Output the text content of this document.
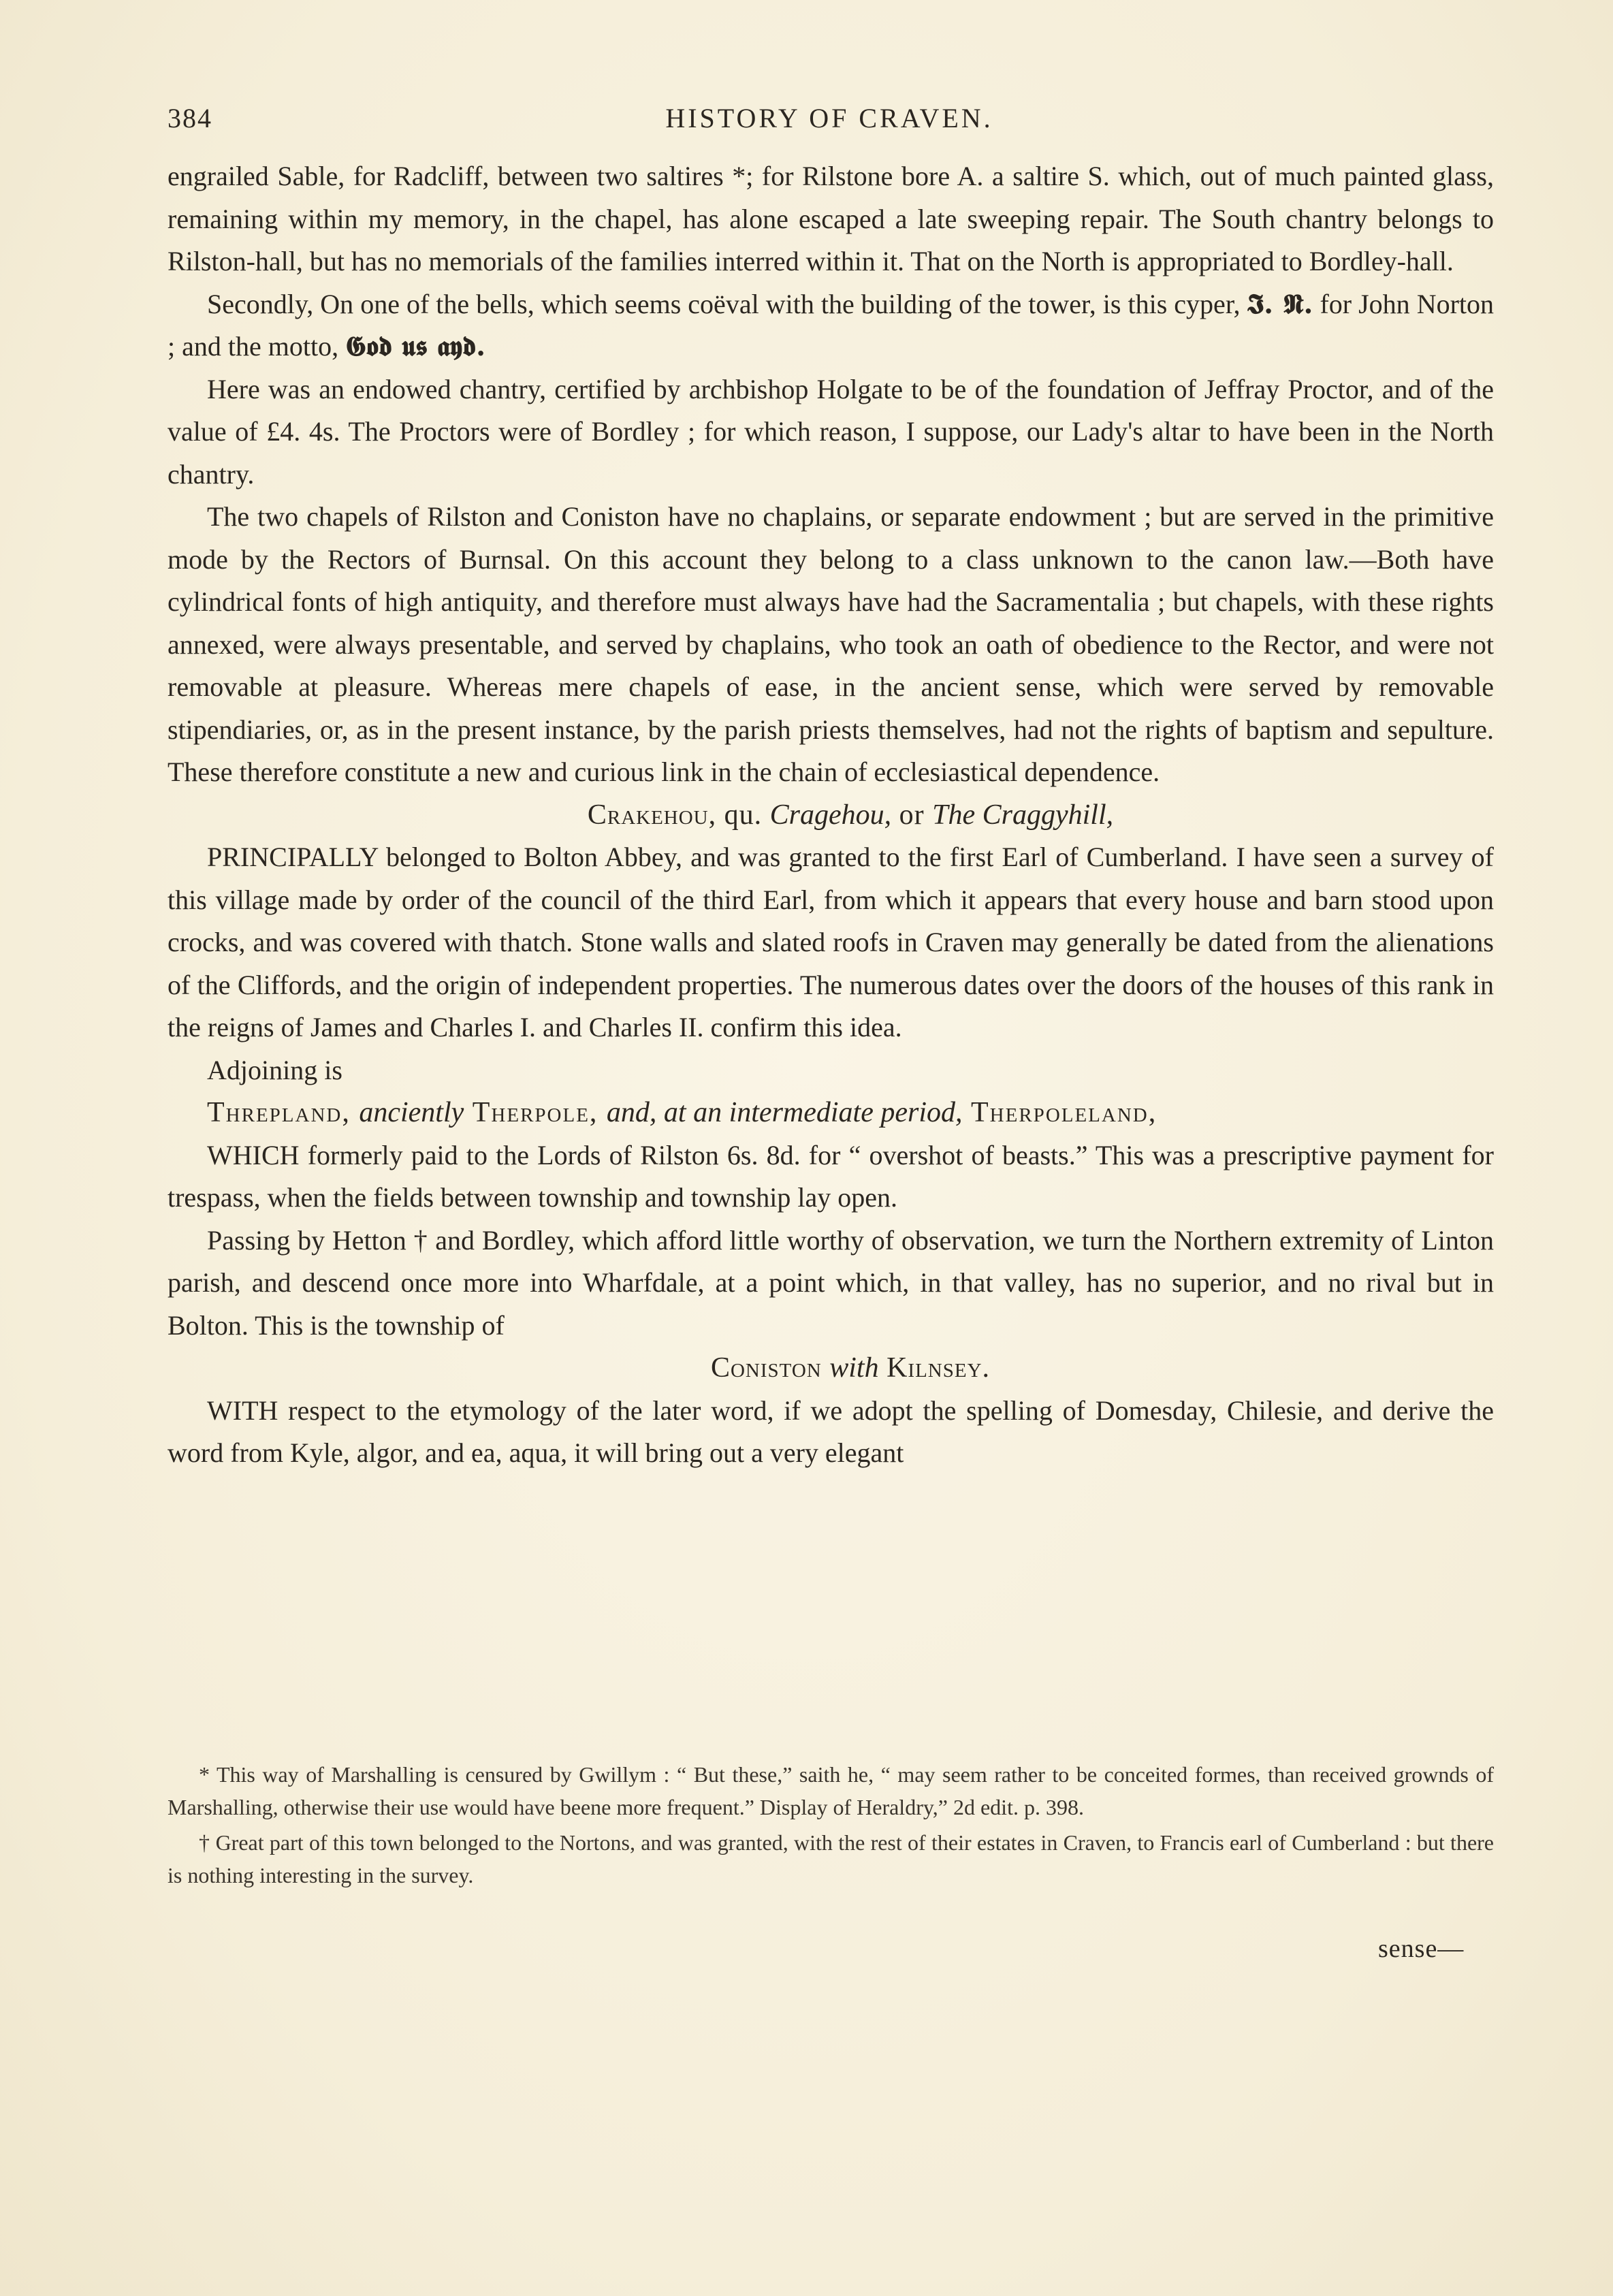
384	HISTORY OF CRAVEN.

engrailed Sable, for Radcliff, between two saltires *; for Rilstone bore A. a saltire S. which, out of much painted glass, remaining within my memory, in the chapel, has alone escaped a late sweeping repair. The South chantry belongs to Rilston-hall, but has no memorials of the families interred within it. That on the North is appropriated to Bordley-hall.

Secondly, On one of the bells, which seems coëval with the building of the tower, is this cyper, 𝕴. 𝕹. for John Norton ; and the motto, 𝕲𝖔𝖉 𝖚𝖘 𝖆𝖞𝖉.

Here was an endowed chantry, certified by archbishop Holgate to be of the foundation of Jeffray Proctor, and of the value of £4. 4s. The Proctors were of Bordley ; for which reason, I suppose, our Lady's altar to have been in the North chantry.

The two chapels of Rilston and Coniston have no chaplains, or separate endowment ; but are served in the primitive mode by the Rectors of Burnsal. On this account they belong to a class unknown to the canon law.—Both have cylindrical fonts of high antiquity, and therefore must always have had the Sacramentalia ; but chapels, with these rights annexed, were always presentable, and served by chaplains, who took an oath of obedience to the Rector, and were not removable at pleasure. Whereas mere chapels of ease, in the ancient sense, which were served by removable stipendiaries, or, as in the present instance, by the parish priests themselves, had not the rights of baptism and sepulture. These therefore constitute a new and curious link in the chain of ecclesiastical dependence.

Crakehou, qu. Cragehou, or The Craggyhill,

PRINCIPALLY belonged to Bolton Abbey, and was granted to the first Earl of Cumberland. I have seen a survey of this village made by order of the council of the third Earl, from which it appears that every house and barn stood upon crocks, and was covered with thatch. Stone walls and slated roofs in Craven may generally be dated from the alienations of the Cliffords, and the origin of independent properties. The numerous dates over the doors of the houses of this rank in the reigns of James and Charles I. and Charles II. confirm this idea.

Adjoining is

Threpland, anciently Therpole, and, at an intermediate period, Therpoleland,

WHICH formerly paid to the Lords of Rilston 6s. 8d. for “ overshot of beasts.” This was a prescriptive payment for trespass, when the fields between township and township lay open.

Passing by Hetton † and Bordley, which afford little worthy of observation, we turn the Northern extremity of Linton parish, and descend once more into Wharfdale, at a point which, in that valley, has no superior, and no rival but in Bolton. This is the township of

Coniston with Kilnsey.

WITH respect to the etymology of the later word, if we adopt the spelling of Domesday, Chilesie, and derive the word from Kyle, algor, and ea, aqua, it will bring out a very elegant

* This way of Marshalling is censured by Gwillym : “ But these,” saith he, “ may seem rather to be conceited formes, than received grownds of Marshalling, otherwise their use would have beene more frequent.” Display of Heraldry,” 2d edit. p. 398.

† Great part of this town belonged to the Nortons, and was granted, with the rest of their estates in Craven, to Francis earl of Cumberland : but there is nothing interesting in the survey.

sense—
